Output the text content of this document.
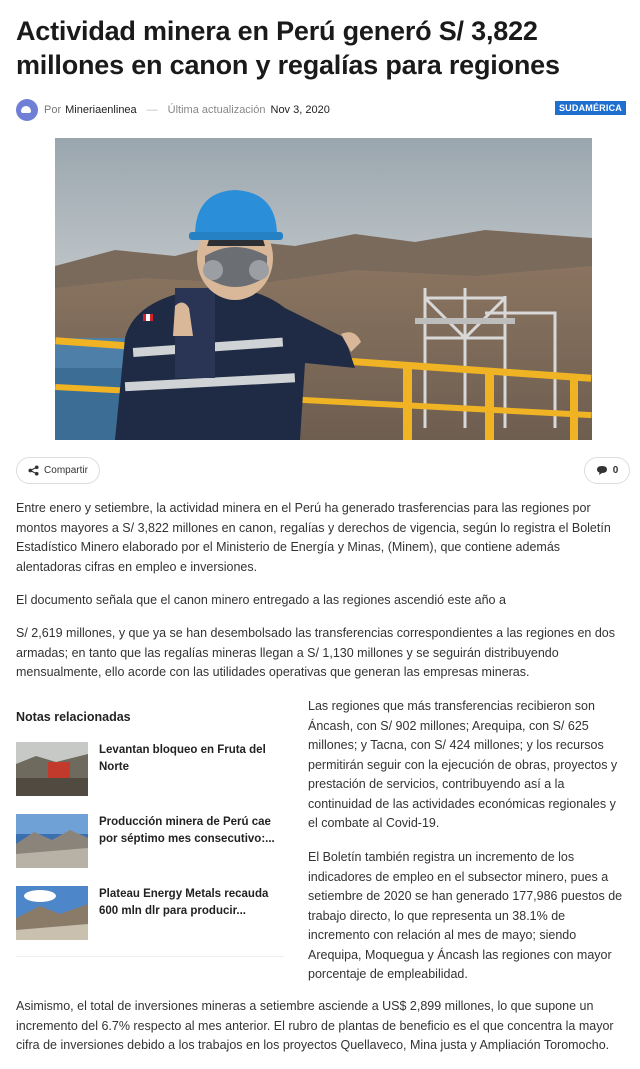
Actividad minera en Perú generó S/ 3,822 millones en canon y regalías para regiones
Por Mineriaenlinea — Última actualización Nov 3, 2020	SUDAMÉRICA
Compartir	0

Entre enero y setiembre, la actividad minera en el Perú ha generado trasferencias para las regiones por montos mayores a S/ 3,822 millones en canon, regalías y derechos de vigencia, según lo registra el Boletín Estadístico Minero elaborado por el Ministerio de Energía y Minas, (Minem), que contiene además alentadoras cifras en empleo e inversiones.

El documento señala que el canon minero entregado a las regiones ascendió este año a

S/ 2,619 millones, y que ya se han desembolsado las transferencias correspondientes a las regiones en dos armadas; en tanto que las regalías mineras llegan a S/ 1,130 millones y se seguirán distribuyendo mensualmente, ello acorde con las utilidades operativas que generan las empresas mineras.

Notas relacionadas
Levantan bloqueo en Fruta del Norte
Producción minera de Perú cae por séptimo mes consecutivo:...
Plateau Energy Metals recauda 600 mln dlr para producir...

Las regiones que más transferencias recibieron son Áncash, con S/ 902 millones; Arequipa, con S/ 625 millones; y Tacna, con S/ 424 millones; y los recursos permitirán seguir con la ejecución de obras, proyectos y prestación de servicios, contribuyendo así a la continuidad de las actividades económicas regionales y el combate al Covid-19.

El Boletín también registra un incremento de los indicadores de empleo en el subsector minero, pues a setiembre de 2020 se han generado 177,986 puestos de trabajo directo, lo que representa un 38.1% de incremento con relación al mes de mayo; siendo Arequipa, Moquegua y Áncash las regiones con mayor porcentaje de empleabilidad.

Asimismo, el total de inversiones mineras a setiembre asciende a US$ 2,899 millones, lo que supone un incremento del 6.7% respecto al mes anterior. El rubro de plantas de beneficio es el que concentra la mayor cifra de inversiones debido a los trabajos en los proyectos Quellaveco, Mina justa y Ampliación Toromocho.
